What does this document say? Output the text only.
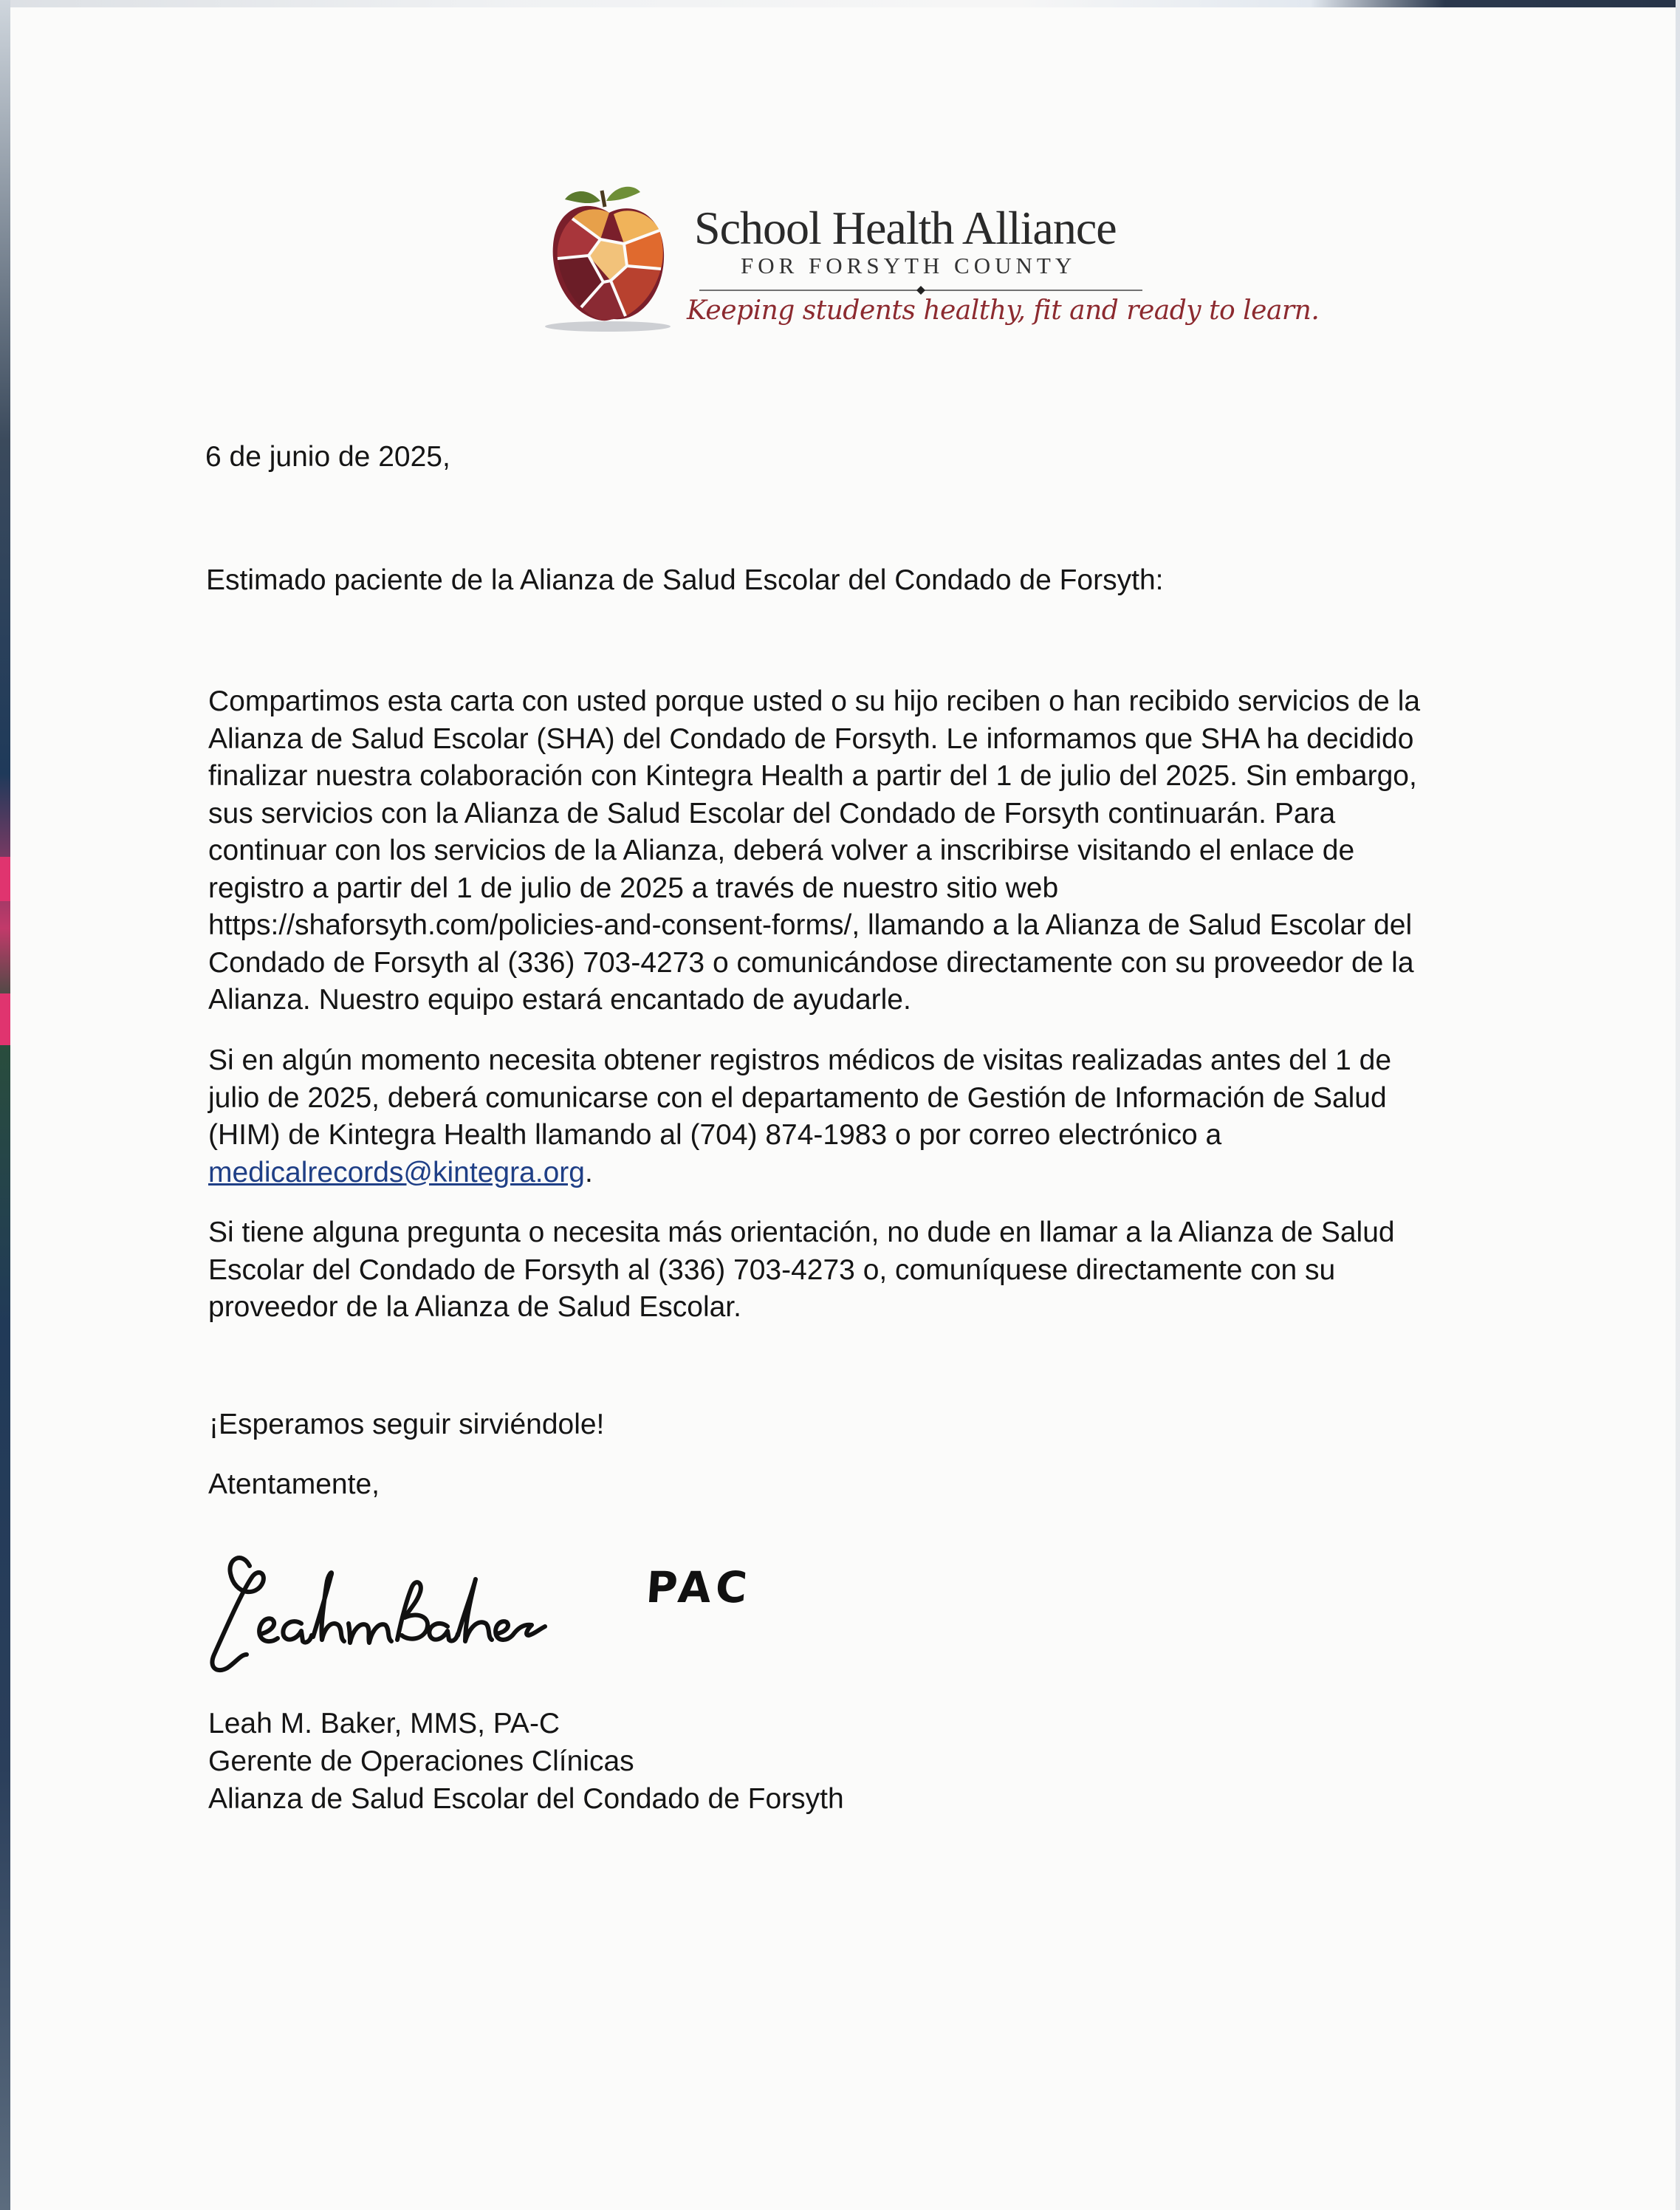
School Health Alliance
FOR FORSYTH COUNTY
Keeping students healthy, fit and ready to learn.
6 de junio de 2025,
Estimado paciente de la Alianza de Salud Escolar del Condado de Forsyth:
Compartimos esta carta con usted porque usted o su hijo reciben o han recibido servicios de la
Alianza de Salud Escolar (SHA) del Condado de Forsyth. Le informamos que SHA ha decidido
finalizar nuestra colaboración con Kintegra Health a partir del 1 de julio del 2025. Sin embargo,
sus servicios con la Alianza de Salud Escolar del Condado de Forsyth continuarán. Para
continuar con los servicios de la Alianza, deberá volver a inscribirse visitando el enlace de
registro a partir del 1 de julio de 2025 a través de nuestro sitio web
https://shaforsyth.com/policies-and-consent-forms/, llamando a la Alianza de Salud Escolar del
Condado de Forsyth al (336) 703-4273 o comunicándose directamente con su proveedor de la
Alianza. Nuestro equipo estará encantado de ayudarle.
Si en algún momento necesita obtener registros médicos de visitas realizadas antes del 1 de
julio de 2025, deberá comunicarse con el departamento de Gestión de Información de Salud
(HIM) de Kintegra Health llamando al (704) 874-1983 o por correo electrónico a
medicalrecords@kintegra.org.
Si tiene alguna pregunta o necesita más orientación, no dude en llamar a la Alianza de Salud
Escolar del Condado de Forsyth al (336) 703-4273 o, comuníquese directamente con su
proveedor de la Alianza de Salud Escolar.
¡Esperamos seguir sirviéndole!
Atentamente,
PAC
Leah M. Baker, MMS, PA-C
Gerente de Operaciones Clínicas
Alianza de Salud Escolar del Condado de Forsyth
